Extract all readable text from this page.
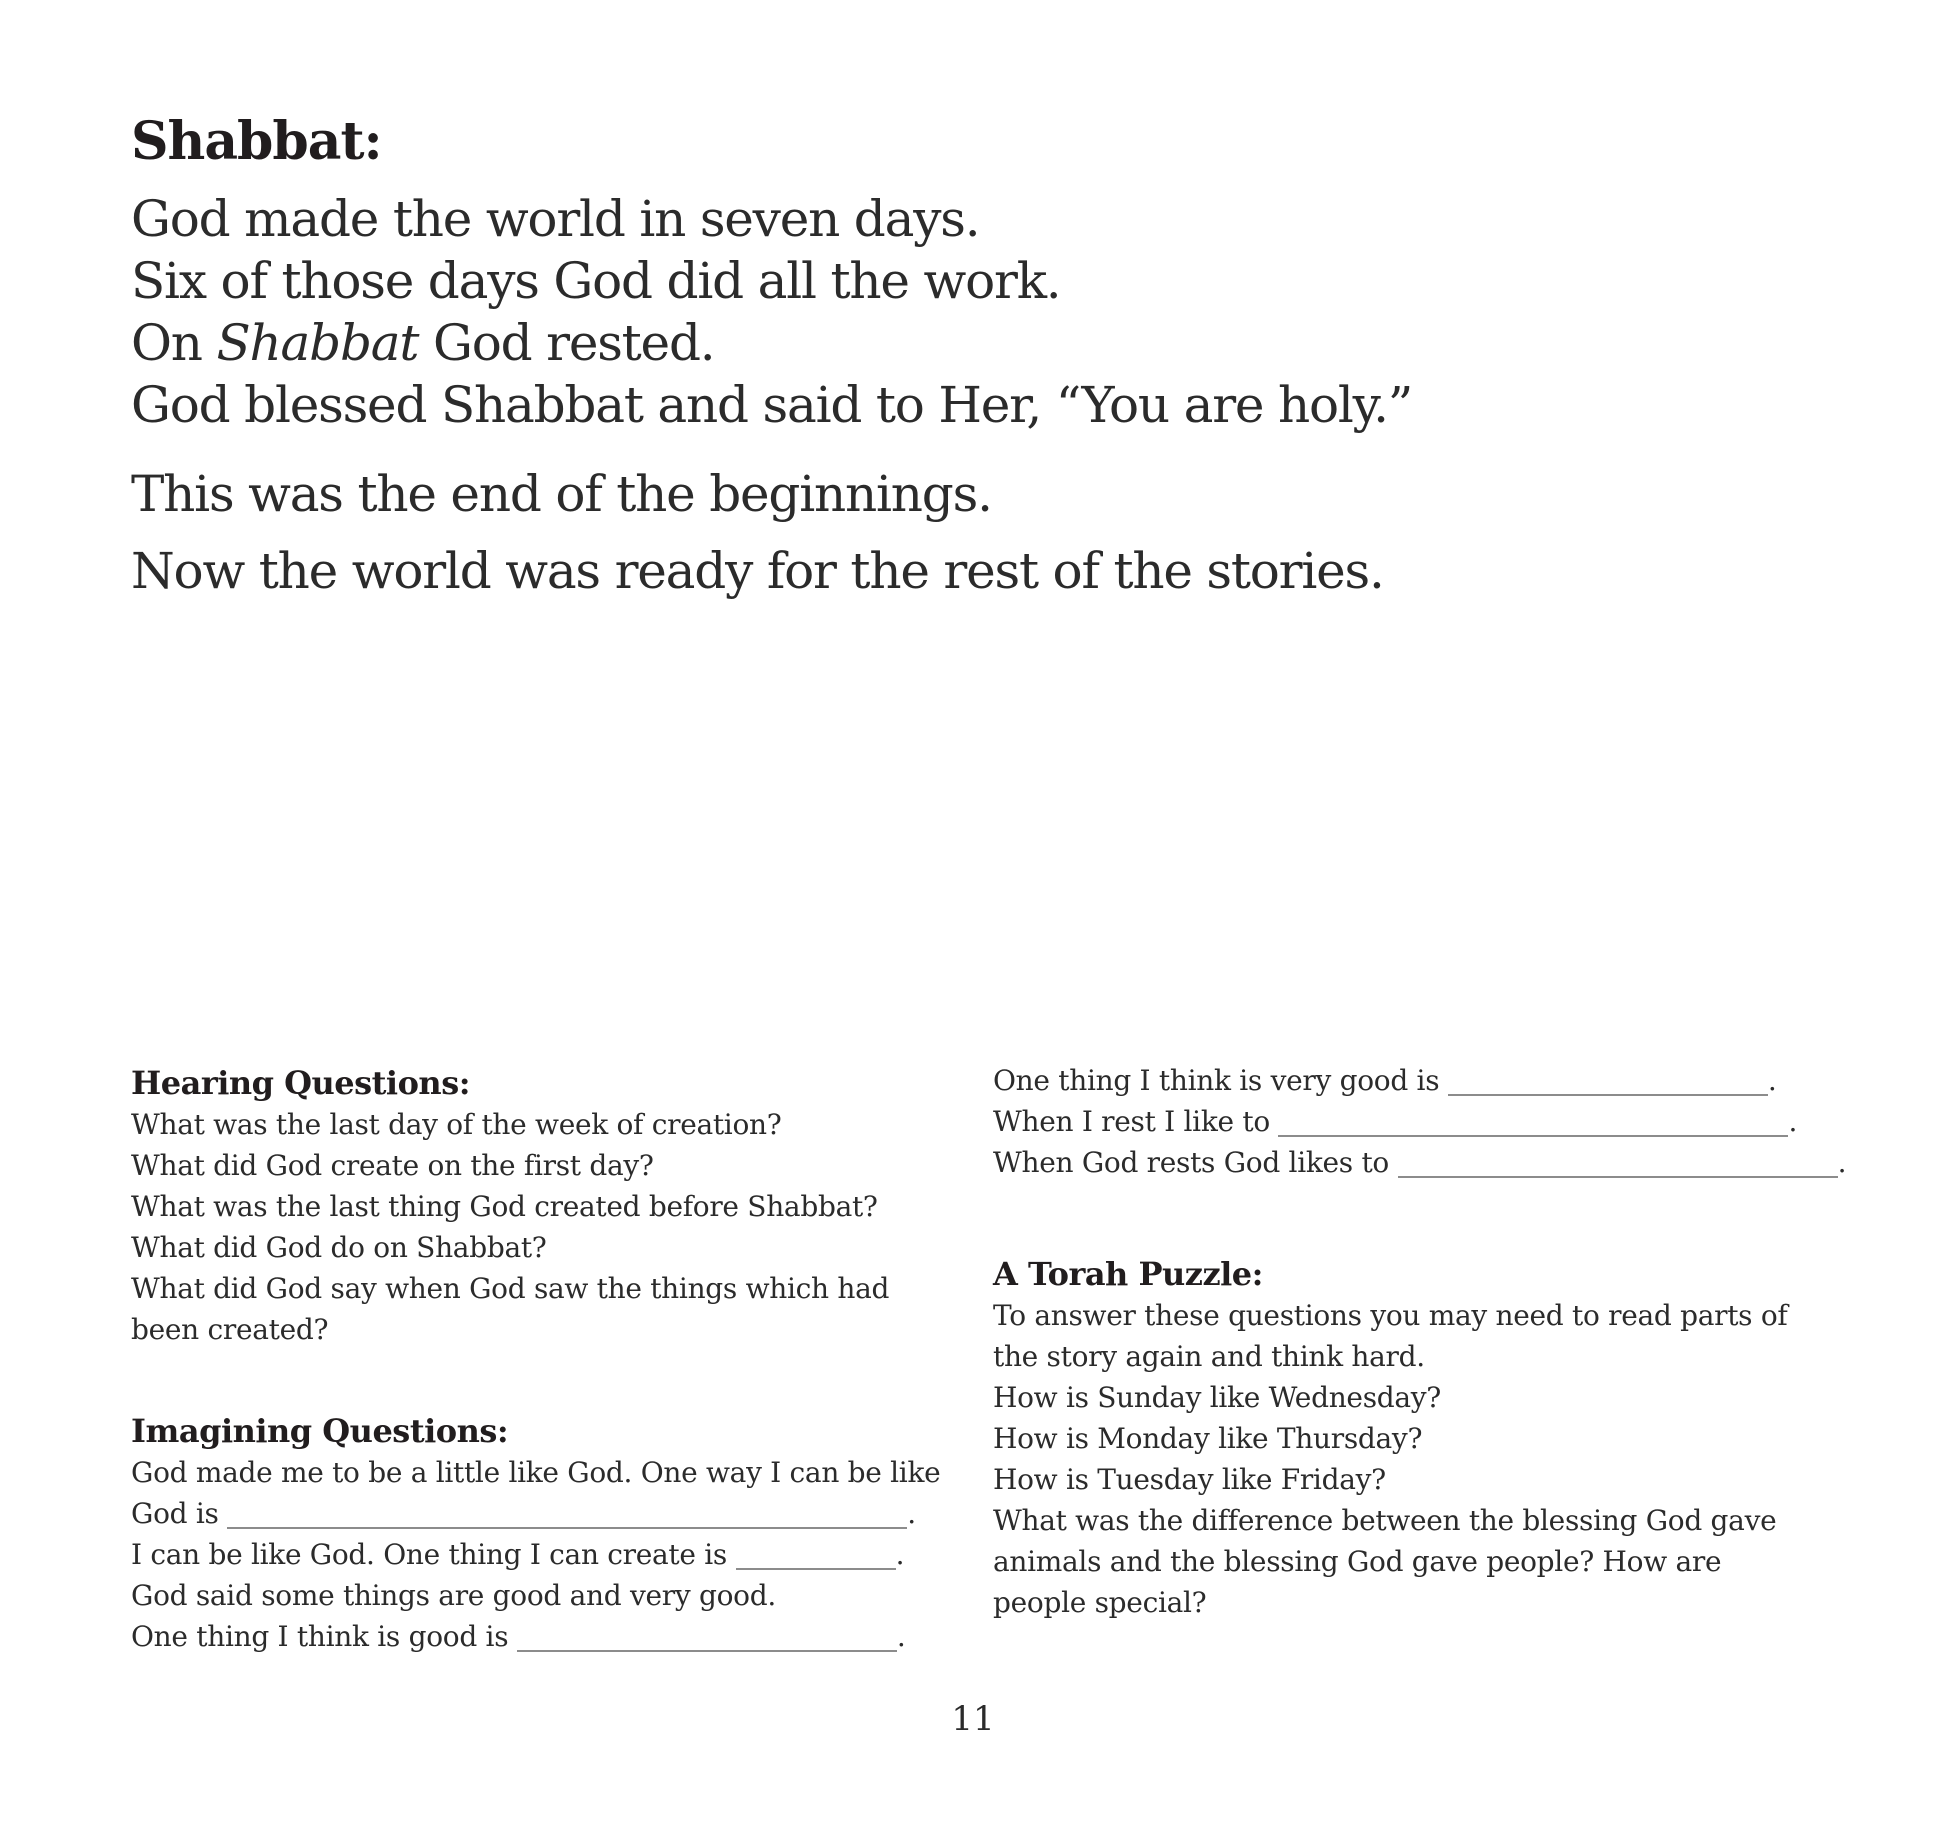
Shabbat:

God made the world in seven days.

Six of those days God did all the work.

On Shabbat God rested.

God blessed Shabbat and said to Her, “You are holy.”

This was the end of the beginnings.

Now the world was ready for the rest of the stories.

Hearing Questions:

What was the last day of the week of creation?

What did God create on the first day?

What was the last thing God created before Shabbat?

What did God do on Shabbat?

What did God say when God saw the things which had

been created?

Imagining Questions:

God made me to be a little like God. One way I can be like

God is	.

I can be like God. One thing I can create is	.

God said some things are good and very good.

One thing I think is good is	.

One thing I think is very good is	.

When I rest I like to	.

When God rests God likes to	.

A Torah Puzzle:

To answer these questions you may need to read parts of

the story again and think hard.

How is Sunday like Wednesday?

How is Monday like Thursday?

How is Tuesday like Friday?

What was the difference between the blessing God gave

animals and the blessing God gave people? How are

people special?

11
